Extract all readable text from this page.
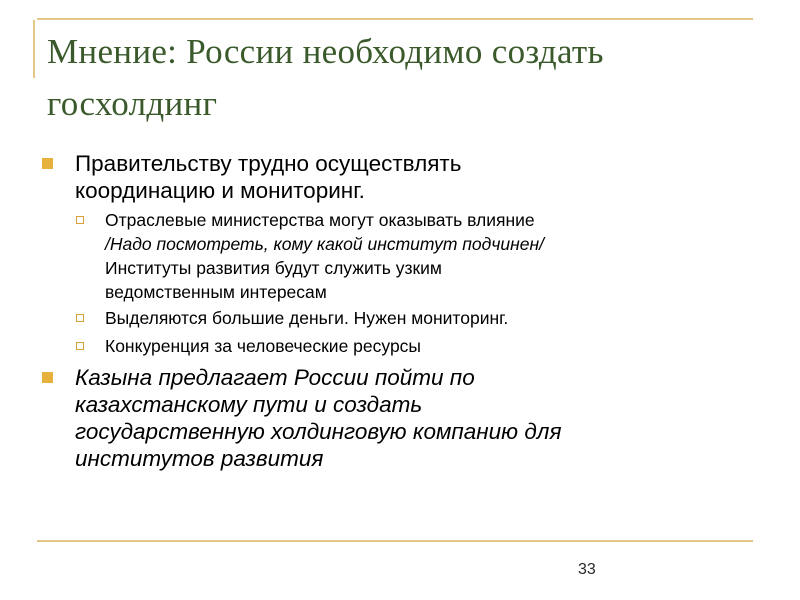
Мнение: России необходимо создать
госхолдинг
Правительству трудно осуществлять
координацию и мониторинг.
Отраслевые министерства могут оказывать влияние
/Надо посмотреть, кому какой институт подчинен/
Институты развития будут служить узким
ведомственным интересам
Выделяются большие деньги. Нужен мониторинг.
Конкуренция за человеческие ресурсы
Казына предлагает России пойти по
казахстанскому пути и создать
государственную холдинговую компанию для
институтов развития
33
